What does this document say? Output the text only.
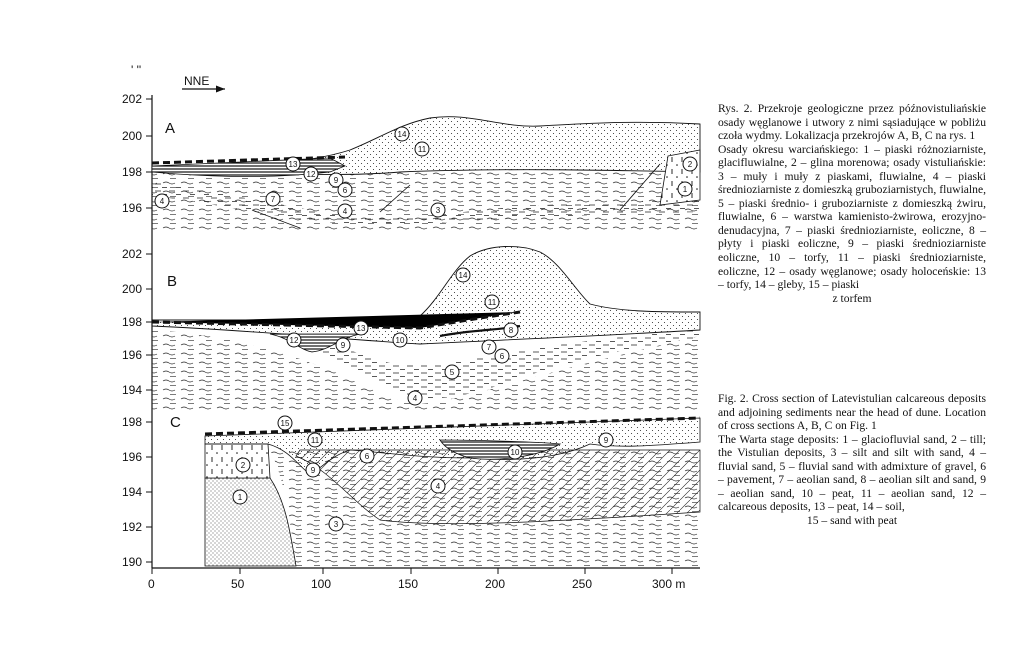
NNE
' ''
A
202
200
198
196
B
202
200
198
196
194
C
198
196
194
192
190
0	50	100	150	200	250	300 m
14
11
13
12
9
6
7
4
3
2
1
4
14
11
13
12
9
10
8
7
6
5
4
15
11
9
6	10
9
2
1
4
3

Rys. 2. Przekroje geologiczne przez późnovistuliańskie osady węglanowe i utwory z nimi sąsiadujące w pobliżu czoła wydmy. Lokalizacja przekrojów A, B, C na rys. 1

Osady okresu warciańskiego: 1 – piaski różnoziarniste, glacifluwialne, 2 – glina morenowa; osady vistuliańskie: 3 – muły i muły z piaskami, fluwialne, 4 – piaski średnioziarniste z domieszką gruboziarnistych, fluwialne, 5 – piaski średnio- i gruboziarniste z domieszką żwiru, fluwialne, 6 – warstwa kamienisto-żwirowa, erozyjno-denudacyjna, 7 – piaski średnioziarniste, eoliczne, 8 – płyty i piaski eoliczne, 9 – piaski średnioziarniste eoliczne, 10 – torfy, 11 – piaski średnioziarniste, eoliczne, 12 – osady węglanowe; osady holoceńskie: 13 – torfy, 14 – gleby, 15 – piaski

z torfem

Fig. 2. Cross section of Latevistulian calcareous deposits and adjoining sediments near the head of dune. Location of cross sections A, B, C on Fig. 1

The Warta stage deposits: 1 – glaciofluvial sand, 2 – till; the Vistulian deposits, 3 – silt and silt with sand, 4 – fluvial sand, 5 – fluvial sand with admixture of gravel, 6 – pavement, 7 – aeolian sand, 8 – aeolian silt and sand, 9 – aeolian sand, 10 – peat, 11 – aeolian sand, 12 – calcareous deposits, 13 – peat, 14 – soil,

15 – sand with peat
